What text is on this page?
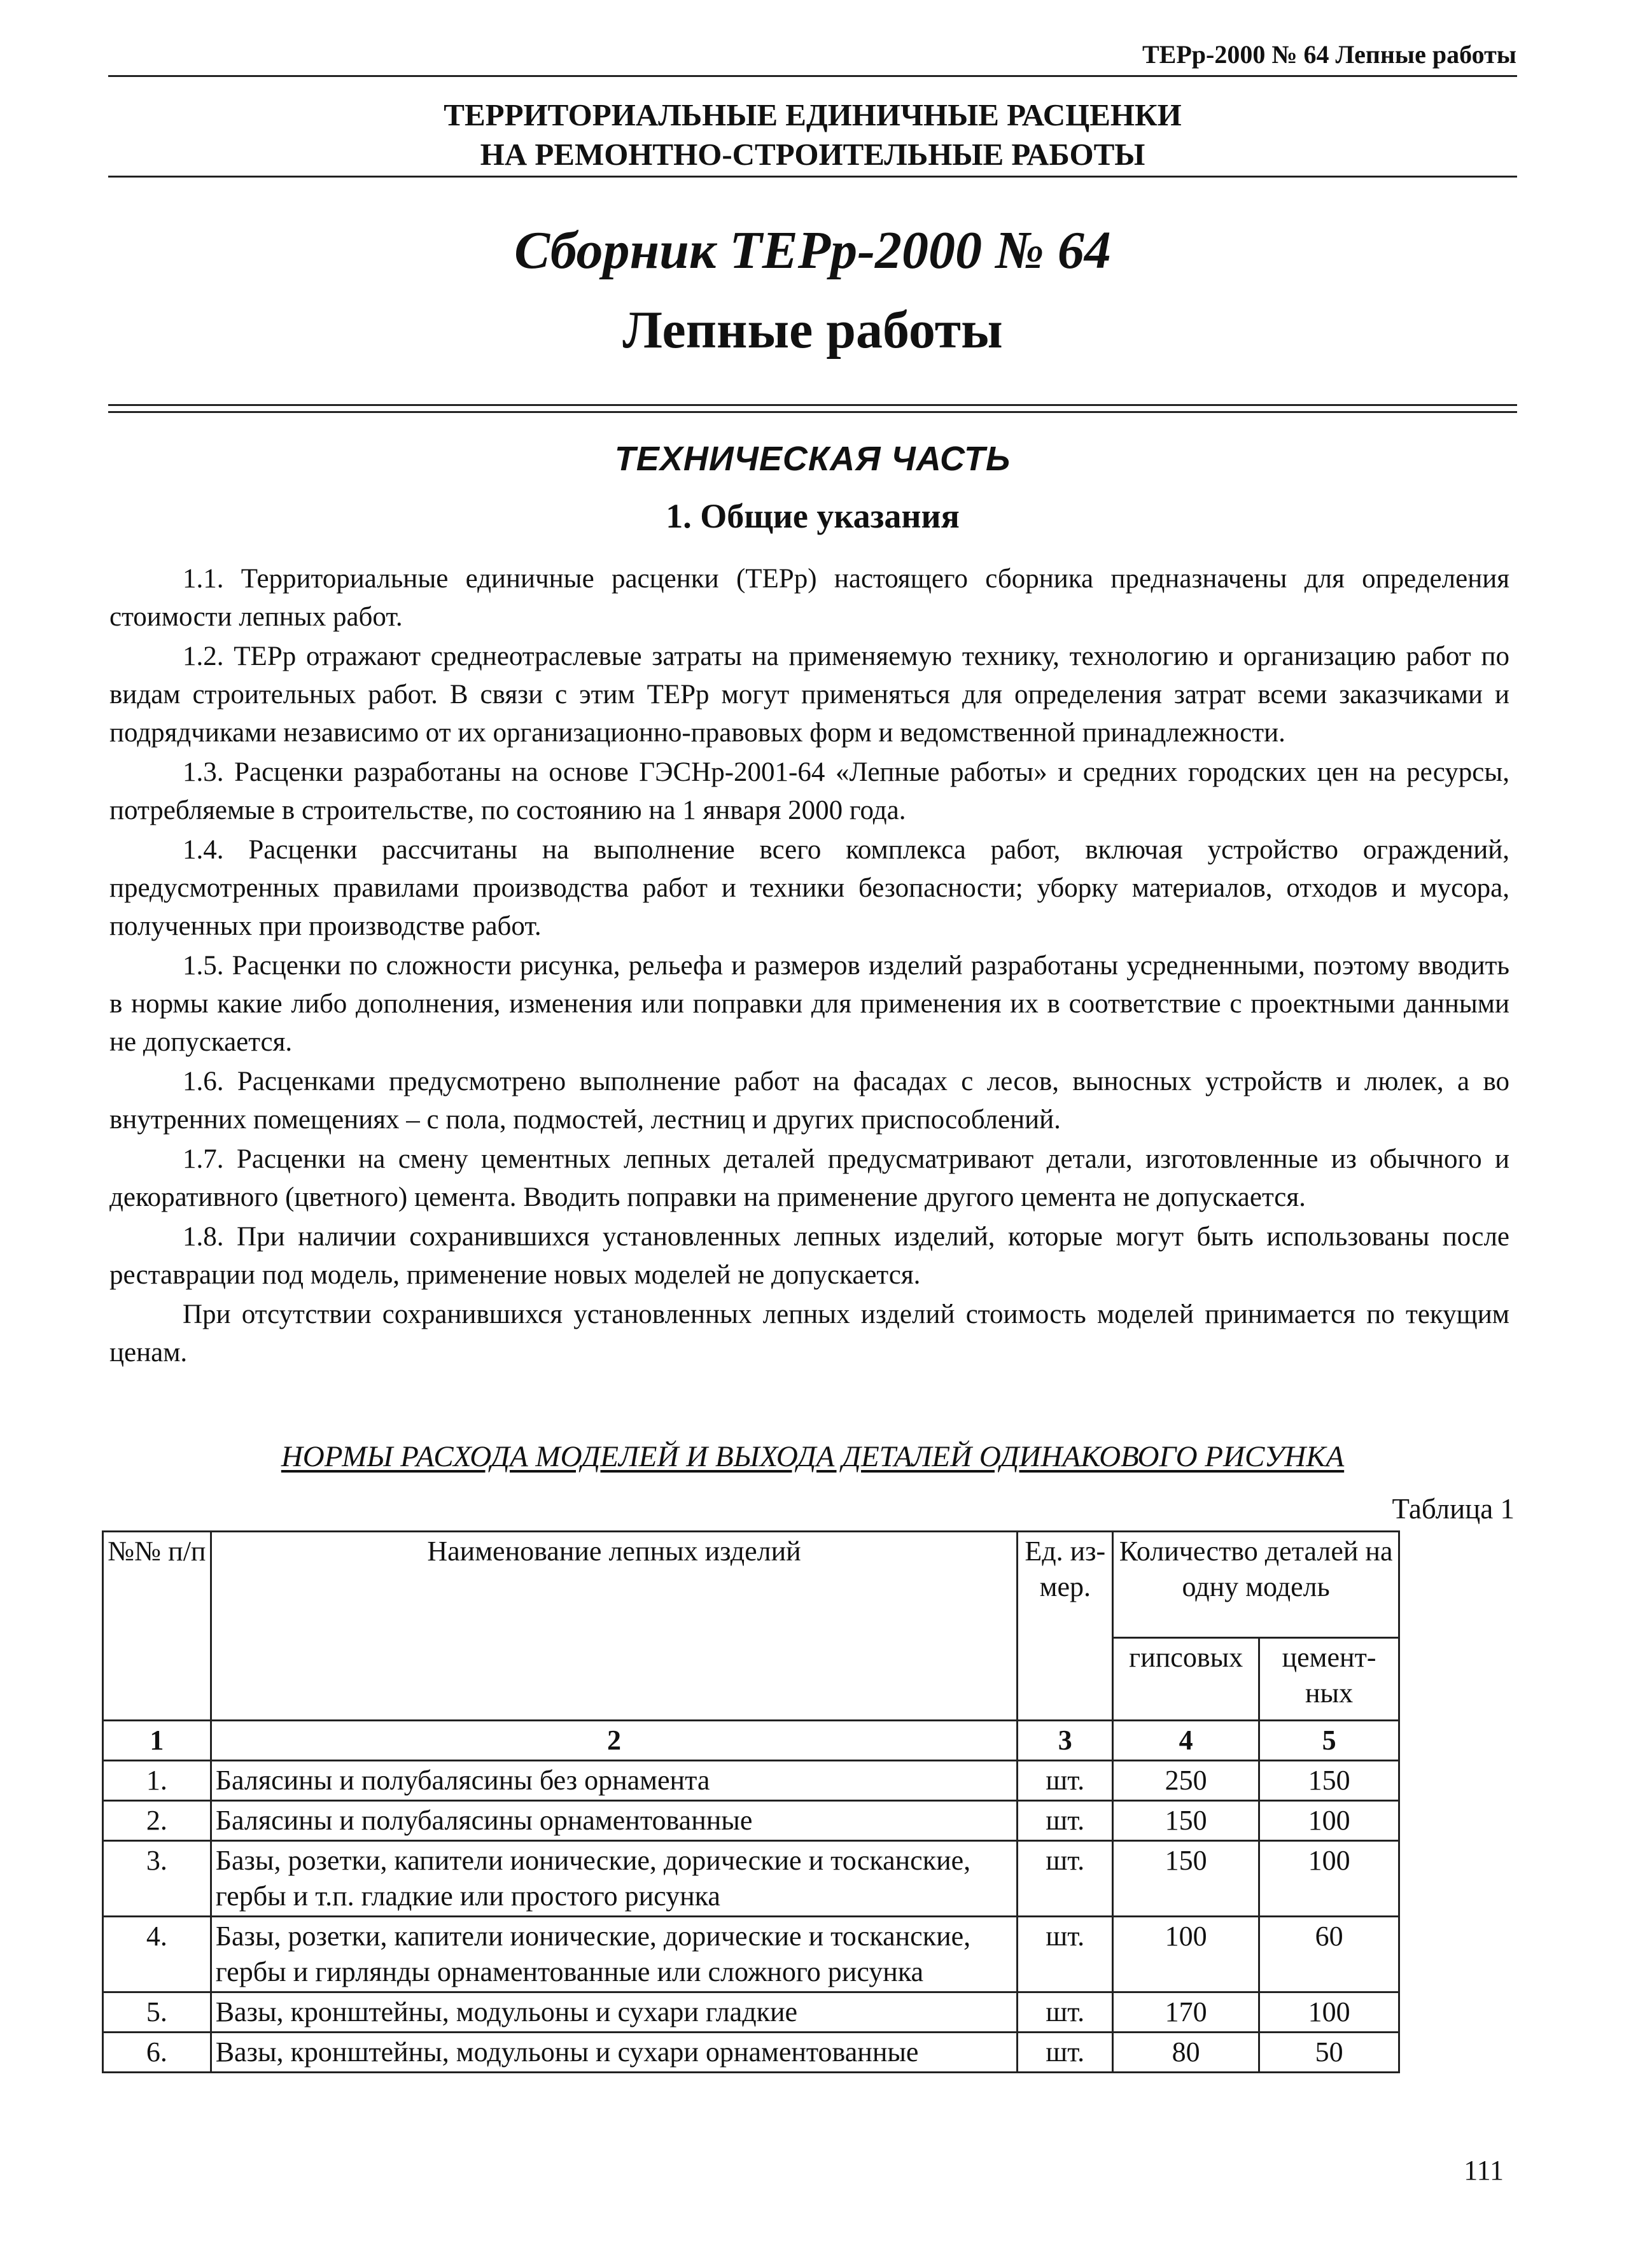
ТЕРр-2000 № 64 Лепные работы
ТЕРРИТОРИАЛЬНЫЕ ЕДИНИЧНЫЕ РАСЦЕНКИ
НА РЕМОНТНО-СТРОИТЕЛЬНЫЕ РАБОТЫ
Сборник ТЕРр-2000 № 64
Лепные работы
ТЕХНИЧЕСКАЯ ЧАСТЬ
1. Общие указания

1.1. Территориальные единичные расценки (ТЕРр) настоящего сборника предназначены для определения стоимости лепных работ.

1.2. ТЕРр отражают среднеотраслевые затраты на применяемую технику, технологию и организацию работ по видам строительных работ. В связи с этим ТЕРр могут применяться для определения затрат всеми заказчиками и подрядчиками независимо от их организационно-правовых форм и ведомственной принадлежности.

1.3. Расценки разработаны на основе ГЭСНр-2001-64 «Лепные работы» и средних городских цен на ресурсы, потребляемые в строительстве, по состоянию на 1 января 2000 года.

1.4. Расценки рассчитаны на выполнение всего комплекса работ, включая устройство ограждений, предусмотренных правилами производства работ и техники безопасности; уборку материалов, отходов и мусора, полученных при производстве работ.

1.5. Расценки по сложности рисунка, рельефа и размеров изделий разработаны усредненными, поэтому вводить в нормы какие либо дополнения, изменения или поправки для применения их в соответствие с проектными данными не допускается.

1.6. Расценками предусмотрено выполнение работ на фасадах с лесов, выносных устройств и люлек, а во внутренних помещениях – с пола, подмостей, лестниц и других приспособлений.

1.7. Расценки на смену цементных лепных деталей предусматривают детали, изготовленные из обычного и декоративного (цветного) цемента. Вводить поправки на применение другого цемента не допускается.

1.8. При наличии сохранившихся установленных лепных изделий, которые могут быть использованы после реставрации под модель, применение новых моделей не допускается.

При отсутствии сохранившихся установленных лепных изделий стоимость моделей принимается по текущим ценам.

НОРМЫ РАСХОДА МОДЕЛЕЙ И ВЫХОДА ДЕТАЛЕЙ ОДИНАКОВОГО РИСУНКА
Таблица 1
№№ п/п	Наименование лепных изделий	Ед. из- мер.	Количество деталей на одну модель	
			гипсовых	цемент- ных
1	2	3	4	5
1.	Балясины и полубалясины без орнамента	шт.	250	150
2.	Балясины и полубалясины орнаментованные	шт.	150	100
3.	Базы, розетки, капители ионические, дорические и тосканские, гербы и т.п. гладкие или простого рисунка	шт.	150	100
4.	Базы, розетки, капители ионические, дорические и тосканские, гербы и гирлянды орнаментованные или сложного рисунка	шт.	100	60
5.	Вазы, кронштейны, модульоны и сухари гладкие	шт.	170	100
6.	Вазы, кронштейны, модульоны и сухари орнаментованные	шт.	80	50
111
